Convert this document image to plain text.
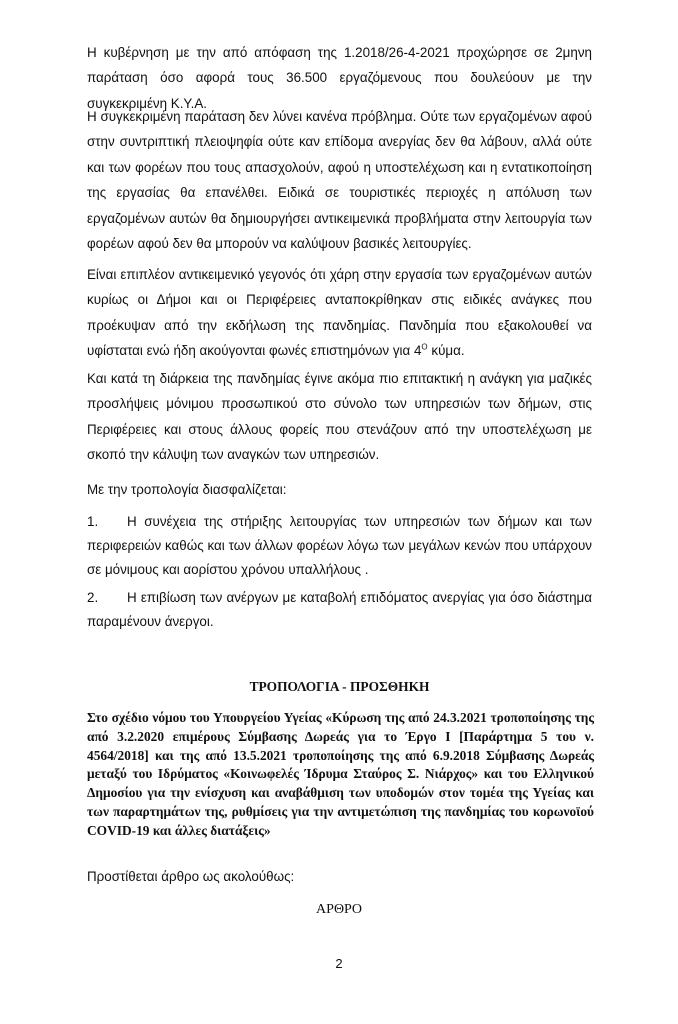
Η κυβέρνηση με την από απόφαση της 1.2018/26-4-2021 προχώρησε σε 2μηνη παράταση όσο αφορά τους 36.500 εργαζόμενους που δουλεύουν με την συγκεκριμένη Κ.Υ.Α.

Η συγκεκριμένη παράταση δεν λύνει κανένα πρόβλημα. Ούτε των εργαζομένων αφού στην συντριπτική πλειοψηφία ούτε καν επίδομα ανεργίας δεν θα λάβουν, αλλά ούτε και των φορέων που τους απασχολούν, αφού η υποστελέχωση και η εντατικοποίηση της εργασίας θα επανέλθει. Ειδικά σε τουριστικές περιοχές η απόλυση των εργαζομένων αυτών θα δημιουργήσει αντικειμενικά προβλήματα στην λειτουργία των φορέων αφού δεν θα μπορούν να καλύψουν βασικές λειτουργίες.

Είναι επιπλέον αντικειμενικό γεγονός ότι χάρη στην εργασία των εργαζομένων αυτών κυρίως οι Δήμοι και οι Περιφέρειες ανταποκρίθηκαν στις ειδικές ανάγκες που προέκυψαν από την εκδήλωση της πανδημίας. Πανδημία που εξακολουθεί να υφίσταται ενώ ήδη ακούγονται φωνές επιστημόνων για $4^O$ κύμα.

Και κατά τη διάρκεια της πανδημίας έγινε ακόμα πιο επιτακτική η ανάγκη για μαζικές προσλήψεις μόνιμου προσωπικού στο σύνολο των υπηρεσιών των δήμων, στις Περιφέρειες και στους άλλους φορείς που στενάζουν από την υποστελέχωση με σκοπό την κάλυψη των αναγκών των υπηρεσιών.

Με την τροπολογία διασφαλίζεται:

1. Η συνέχεια της στήριξης λειτουργίας των υπηρεσιών των δήμων και των περιφερειών καθώς και των άλλων φορέων λόγω των μεγάλων κενών που υπάρχουν σε μόνιμους και αορίστου χρόνου υπαλλήλους .

2. Η επιβίωση των ανέργων με καταβολή επιδόματος ανεργίας για όσο διάστημα παραμένουν άνεργοι.

ΤΡΟΠΟΛΟΓΙΑ - ΠΡΟΣΘΗΚΗ
Στο σχέδιο νόμου του Υπουργείου Υγείας «Κύρωση της από 24.3.2021 τροποποίησης της από 3.2.2020 επιμέρους Σύμβασης Δωρεάς για το Έργο Ι [Παράρτημα 5 του ν. 4564/2018] και της από 13.5.2021 τροποποίησης της από 6.9.2018 Σύμβασης Δωρεάς μεταξύ του Ιδρύματος «Κοινωφελές Ίδρυμα Σταύρος Σ. Νιάρχος» και του Ελληνικού Δημοσίου για την ενίσχυση και αναβάθμιση των υποδομών στον τομέα της Υγείας και των παραρτημάτων της, ρυθμίσεις για την αντιμετώπιση της πανδημίας του κορωνοϊού COVID-19 και άλλες διατάξεις»
Προστίθεται άρθρο ως ακολούθως:
ΑΡΘΡΟ
2
